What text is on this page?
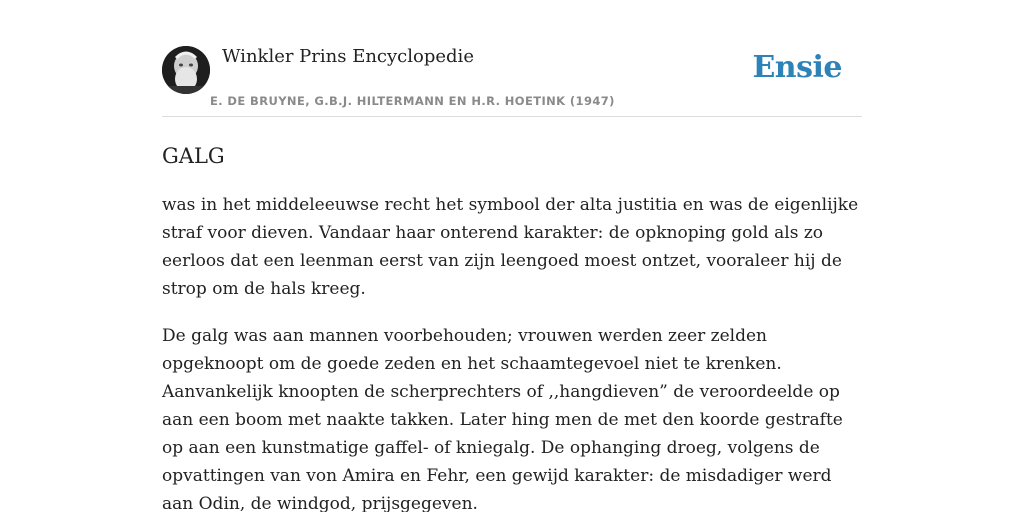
Winkler Prins Encyclopedie
E. DE BRUYNE, G.B.J. HILTERMANN EN H.R. HOETINK (1947)
Ensie
GALG

was in het middeleeuwse recht het symbool der alta justitia en was de eigenlijke straf voor dieven. Vandaar haar onterend karakter: de opknoping gold als zo eerloos dat een leenman eerst van zijn leengoed moest ontzet, vooraleer hij de strop om de hals kreeg.

De galg was aan mannen voorbehouden; vrouwen werden zeer zelden opgeknoopt om de goede zeden en het schaamtegevoel niet te krenken. Aanvankelijk knoopten de scherprechters of ,,hangdieven” de veroordeelde op aan een boom met naakte takken. Later hing men de met den koorde gestrafte op aan een kunstmatige gaffel- of kniegalg. De ophanging droeg, volgens de opvattingen van von Amira en Fehr, een gewijd karakter: de misdadiger werd aan Odin, de windgod, prijsgegeven.
